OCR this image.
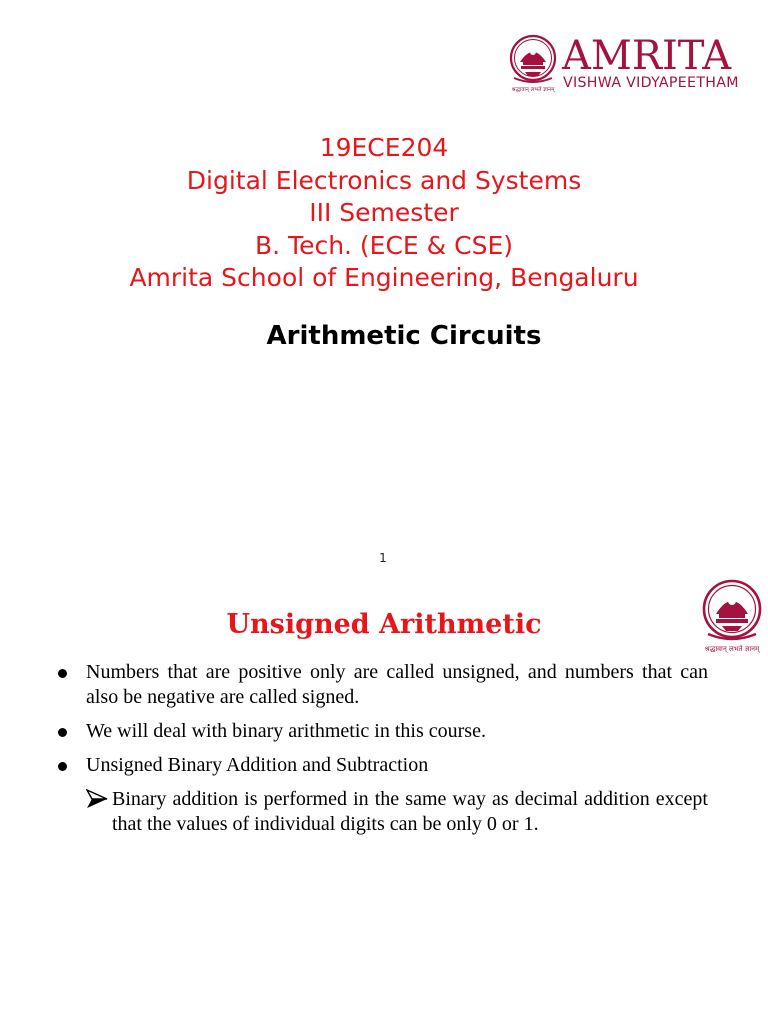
श्रद्धावान् लभते ज्ञानम्
AMRITA
VISHWA VIDYAPEETHAM
19ECE204
Digital Electronics and Systems
III Semester
B. Tech. (ECE & CSE)
Amrita School of Engineering, Bengaluru
Arithmetic Circuits
1
श्रद्धावान् लभते ज्ञानम्
Unsigned Arithmetic
Numbers that are positive only are called unsigned, and numbers that can also be negative are called signed.
We will deal with binary arithmetic in this course.
Unsigned Binary Addition and Subtraction
Binary addition is performed in the same way as decimal addition except that the values of individual digits can be only 0 or 1.
